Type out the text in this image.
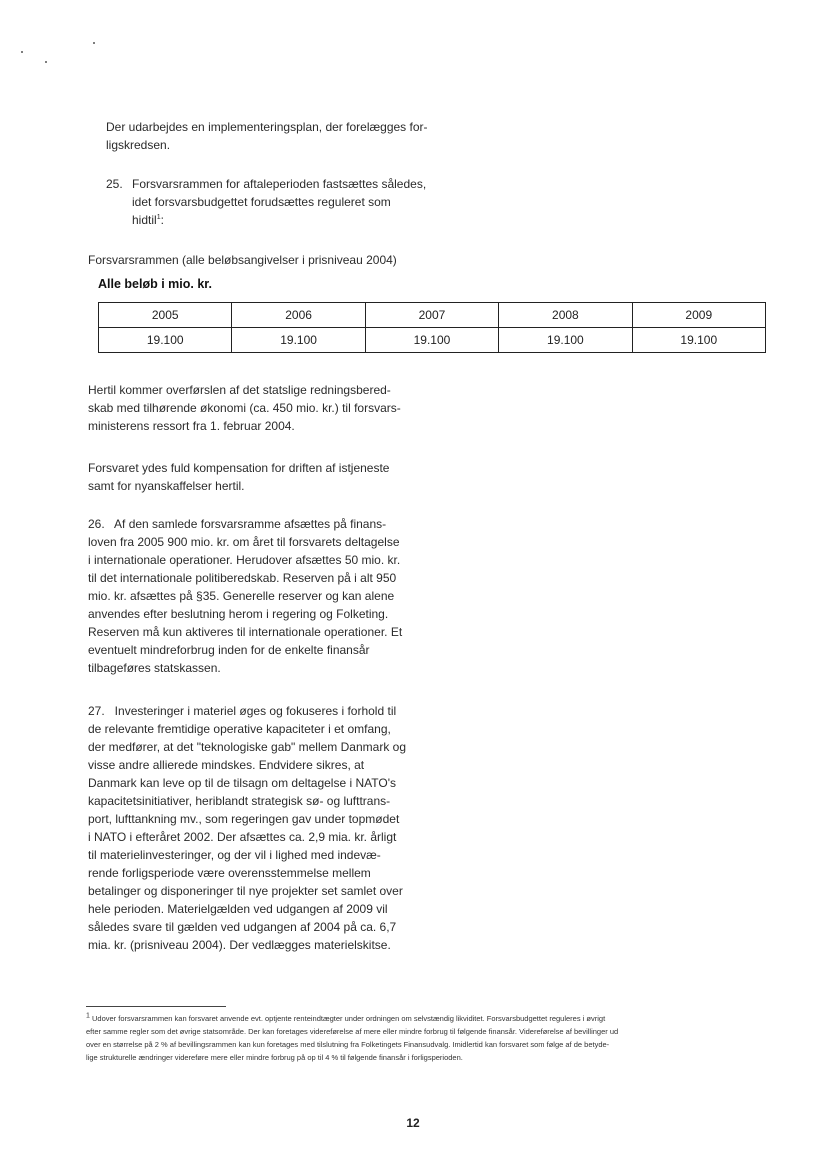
Der udarbejdes en implementeringsplan, der forelægges for-
ligskredsen.
25. Forsvarsrammen for aftaleperioden fastsættes således,
idet forsvarsbudgettet forudsættes reguleret som
hidtil$^1$:
Forsvarsrammen (alle beløbsangivelser i prisniveau 2004)
Alle beløb i mio. kr.
2005	2006	2007	2008	2009
19.100	19.100	19.100	19.100	19.100
Hertil kommer overførslen af det statslige redningsbered-
skab med tilhørende økonomi (ca. 450 mio. kr.) til forsvars-
ministerens ressort fra 1. februar 2004.
Forsvaret ydes fuld kompensation for driften af istjeneste
samt for nyanskaffelser hertil.
26.   Af den samlede forsvarsramme afsættes på finans-
loven fra 2005 900 mio. kr. om året til forsvarets deltagelse
i internationale operationer. Herudover afsættes 50 mio. kr.
til det internationale politiberedskab. Reserven på i alt 950
mio. kr. afsættes på §35. Generelle reserver og kan alene
anvendes efter beslutning herom i regering og Folketing.
Reserven må kun aktiveres til internationale operationer. Et
eventuelt mindreforbrug inden for de enkelte finansår
tilbageføres statskassen.
27.   Investeringer i materiel øges og fokuseres i forhold til
de relevante fremtidige operative kapaciteter i et omfang,
der medfører, at det "teknologiske gab" mellem Danmark og
visse andre allierede mindskes. Endvidere sikres, at
Danmark kan leve op til de tilsagn om deltagelse i NATO's
kapacitetsinitiativer, heriblandt strategisk sø- og lufttrans-
port, lufttankning mv., som regeringen gav under topmødet
i NATO i efteråret 2002. Der afsættes ca. 2,9 mia. kr. årligt
til materielinvesteringer, og der vil i lighed med indevæ-
rende forligsperiode være overensstemmelse mellem
betalinger og disponeringer til nye projekter set samlet over
hele perioden. Materielgælden ved udgangen af 2009 vil
således svare til gælden ved udgangen af 2004 på ca. 6,7
mia. kr. (prisniveau 2004). Der vedlægges materielskitse.
$^1$ Udover forsvarsrammen kan forsvaret anvende evt. optjente renteindtægter under ordningen om selvstændig likviditet. Forsvarsbudgettet reguleres i øvrigt
efter samme regler som det øvrige statsområde. Der kan foretages videreførelse af mere eller mindre forbrug til følgende finansår. Videreførelse af bevillinger ud
over en størrelse på 2 % af bevillingsrammen kan kun foretages med tilslutning fra Folketingets Finansudvalg. Imidlertid kan forsvaret som følge af de betyde-
lige strukturelle ændringer videreføre mere eller mindre forbrug på op til 4 % til følgende finansår i forligsperioden.
12
